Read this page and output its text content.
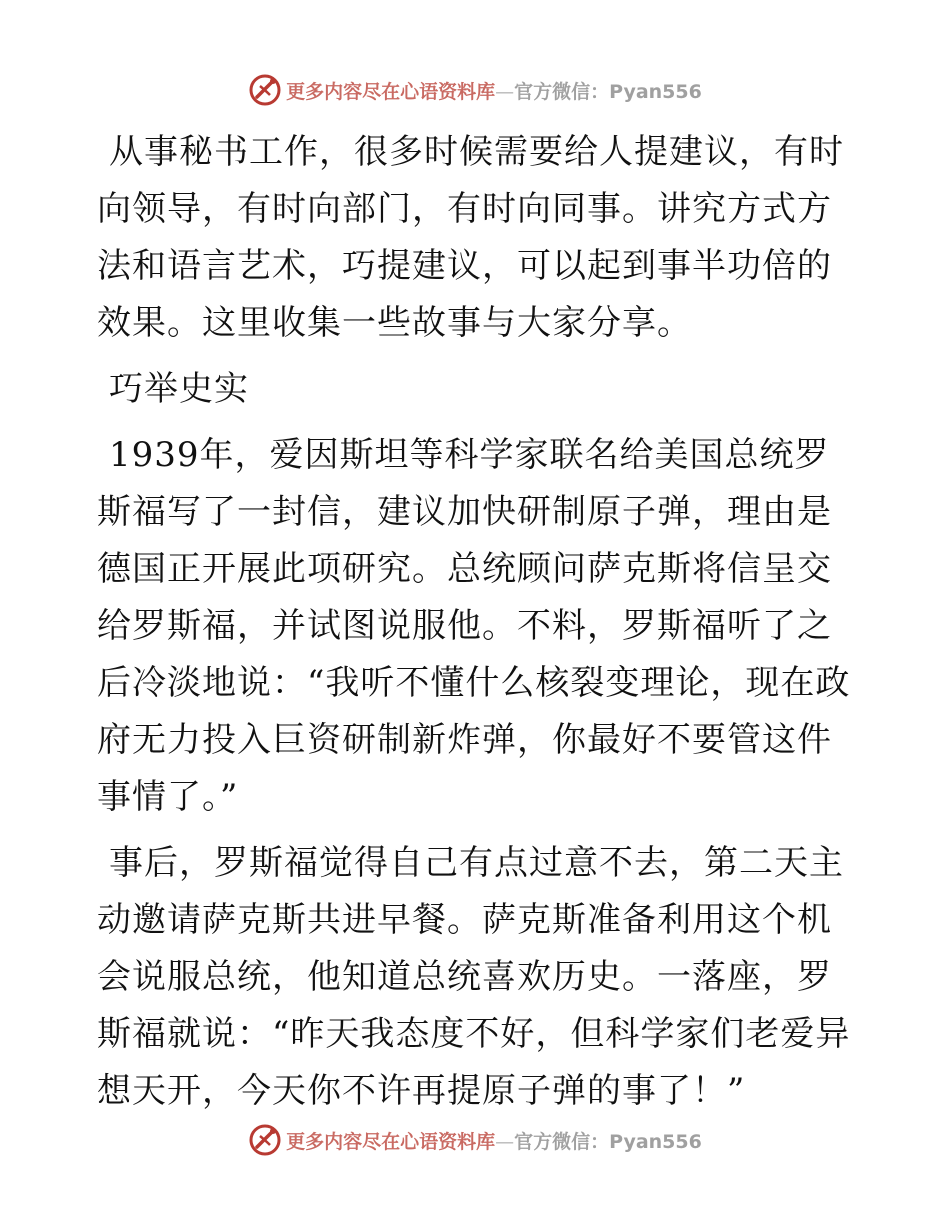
更多内容尽在心语资料库—官方微信：Pyan556

从事秘书工作，很多时候需要给人提建议，有时向领导，有时向部门，有时向同事。讲究方式方法和语言艺术，巧提建议，可以起到事半功倍的效果。这里收集一些故事与大家分享。

巧举史实

1939年，爱因斯坦等科学家联名给美国总统罗斯福写了一封信，建议加快研制原子弹，理由是德国正开展此项研究。总统顾问萨克斯将信呈交给罗斯福，并试图说服他。不料，罗斯福听了之后冷淡地说：“我听不懂什么核裂变理论，现在政府无力投入巨资研制新炸弹，你最好不要管这件事情了。”

事后，罗斯福觉得自己有点过意不去，第二天主动邀请萨克斯共进早餐。萨克斯准备利用这个机会说服总统，他知道总统喜欢历史。一落座，罗斯福就说：“昨天我态度不好，但科学家们老爱异想天开，今天你不许再提原子弹的事了！”

更多内容尽在心语资料库—官方微信：Pyan556
